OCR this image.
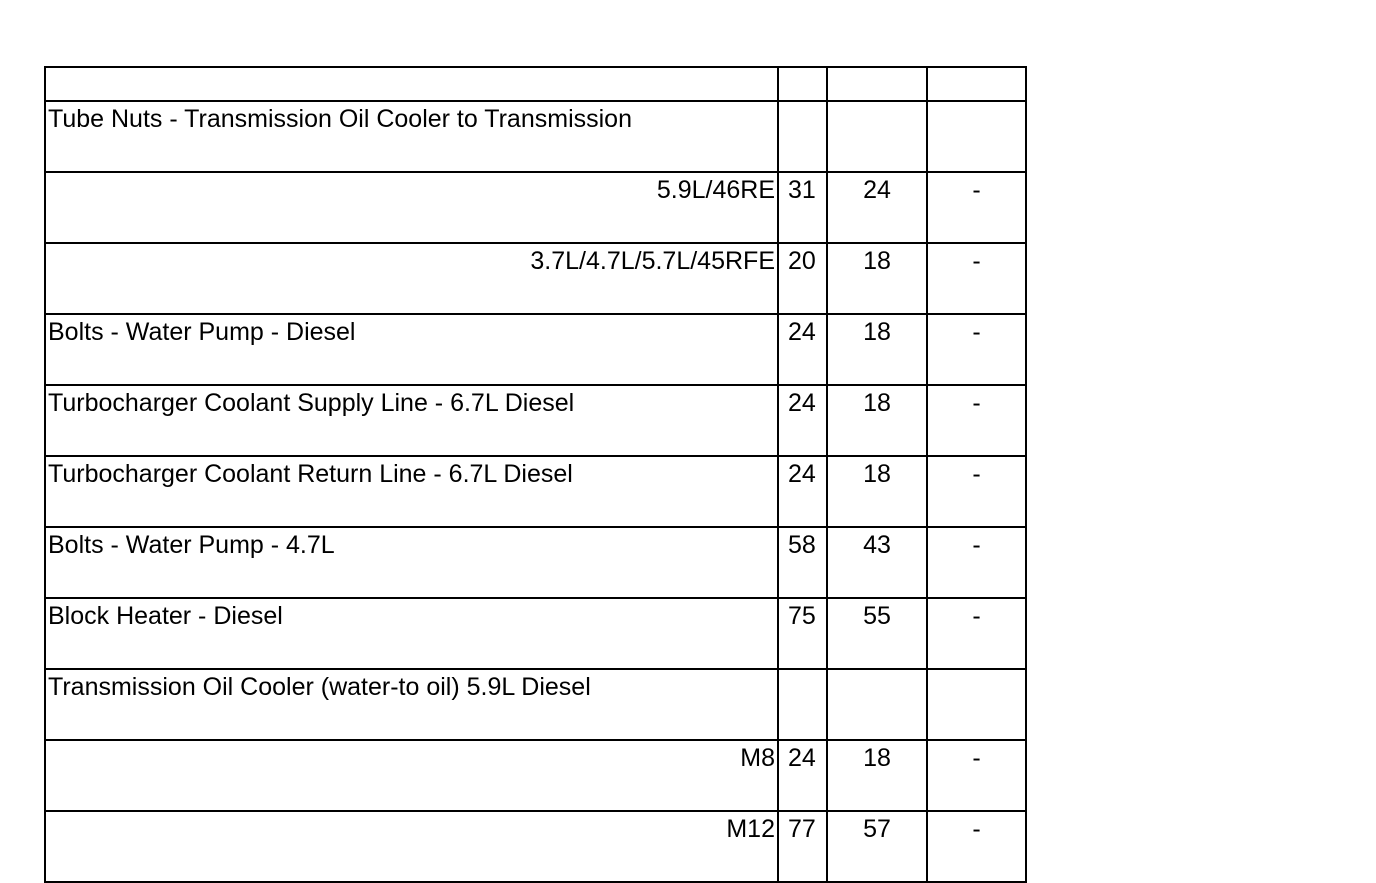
Tube Nuts - Transmission Oil Cooler to Transmission			
5.9L/46RE	31	24	-
3.7L/4.7L/5.7L/45RFE	20	18	-
Bolts - Water Pump - Diesel	24	18	-
Turbocharger Coolant Supply Line - 6.7L Diesel	24	18	-
Turbocharger Coolant Return Line - 6.7L Diesel	24	18	-
Bolts - Water Pump - 4.7L	58	43	-
Block Heater - Diesel	75	55	-
Transmission Oil Cooler (water-to oil) 5.9L Diesel			
M8	24	18	-
M12	77	57	-
